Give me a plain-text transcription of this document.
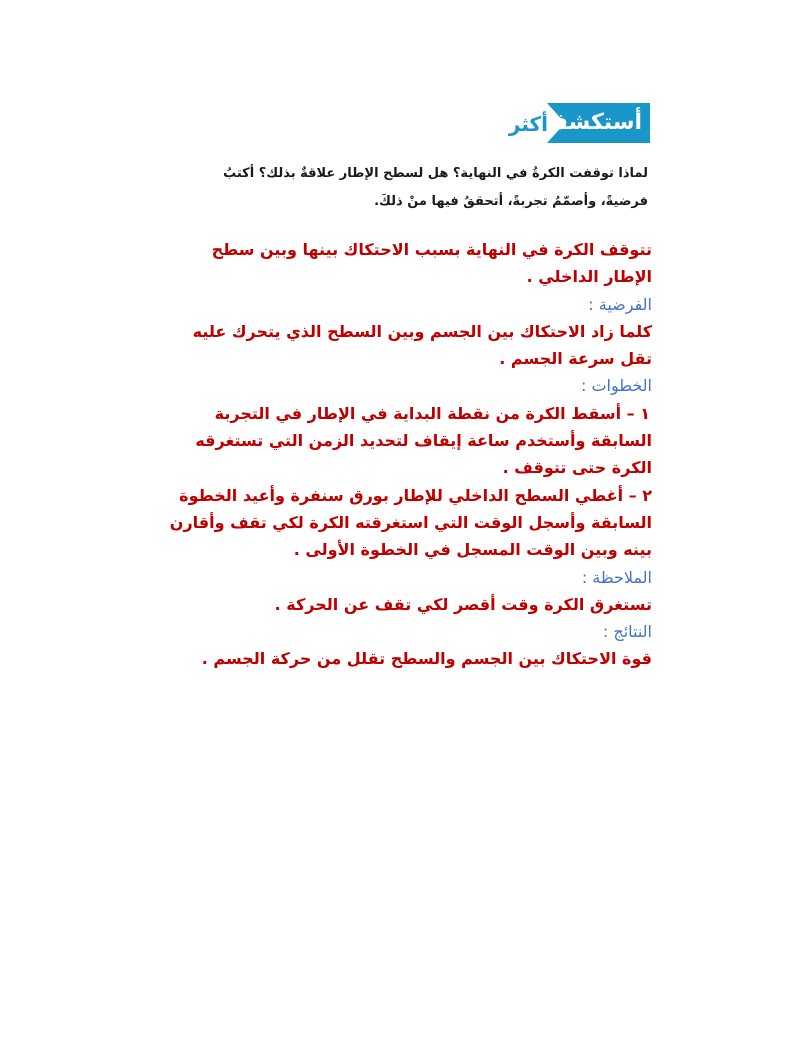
أستكشف
أكثر
لماذا توقفت الكرةُ في النهاية؟ هل لسطح الإطار علاقةٌ بذلك؟ أكتبُ
فرضيةً، وأصمّمُ تجربةً، أتحققُ فيها منْ ذلكَ.
تتوقف الكرة في النهاية بسبب الاحتكاك بينها وبين سطح
الإطار الداخلي .
الفرضية :
كلما زاد الاحتكاك بين الجسم وبين السطح الذي يتحرك عليه
تقل سرعة الجسم .
الخطوات :
١ – أسقط الكرة من نقطة البداية في الإطار في التجربة
السابقة وأستخدم ساعة إيقاف لتحديد الزمن التي تستغرقه
الكرة حتى تتوقف .
٢ – أغطي السطح الداخلي للإطار بورق سنفرة وأعيد الخطوة
السابقة وأسجل الوقت التي استغرقته الكرة لكي تقف وأقارن
بينه وبين الوقت المسجل في الخطوة الأولى .
الملاحظة :
تستغرق الكرة وقت أقصر لكي تقف عن الحركة .
النتائج :
قوة الاحتكاك بين الجسم والسطح تقلل من حركة الجسم .
